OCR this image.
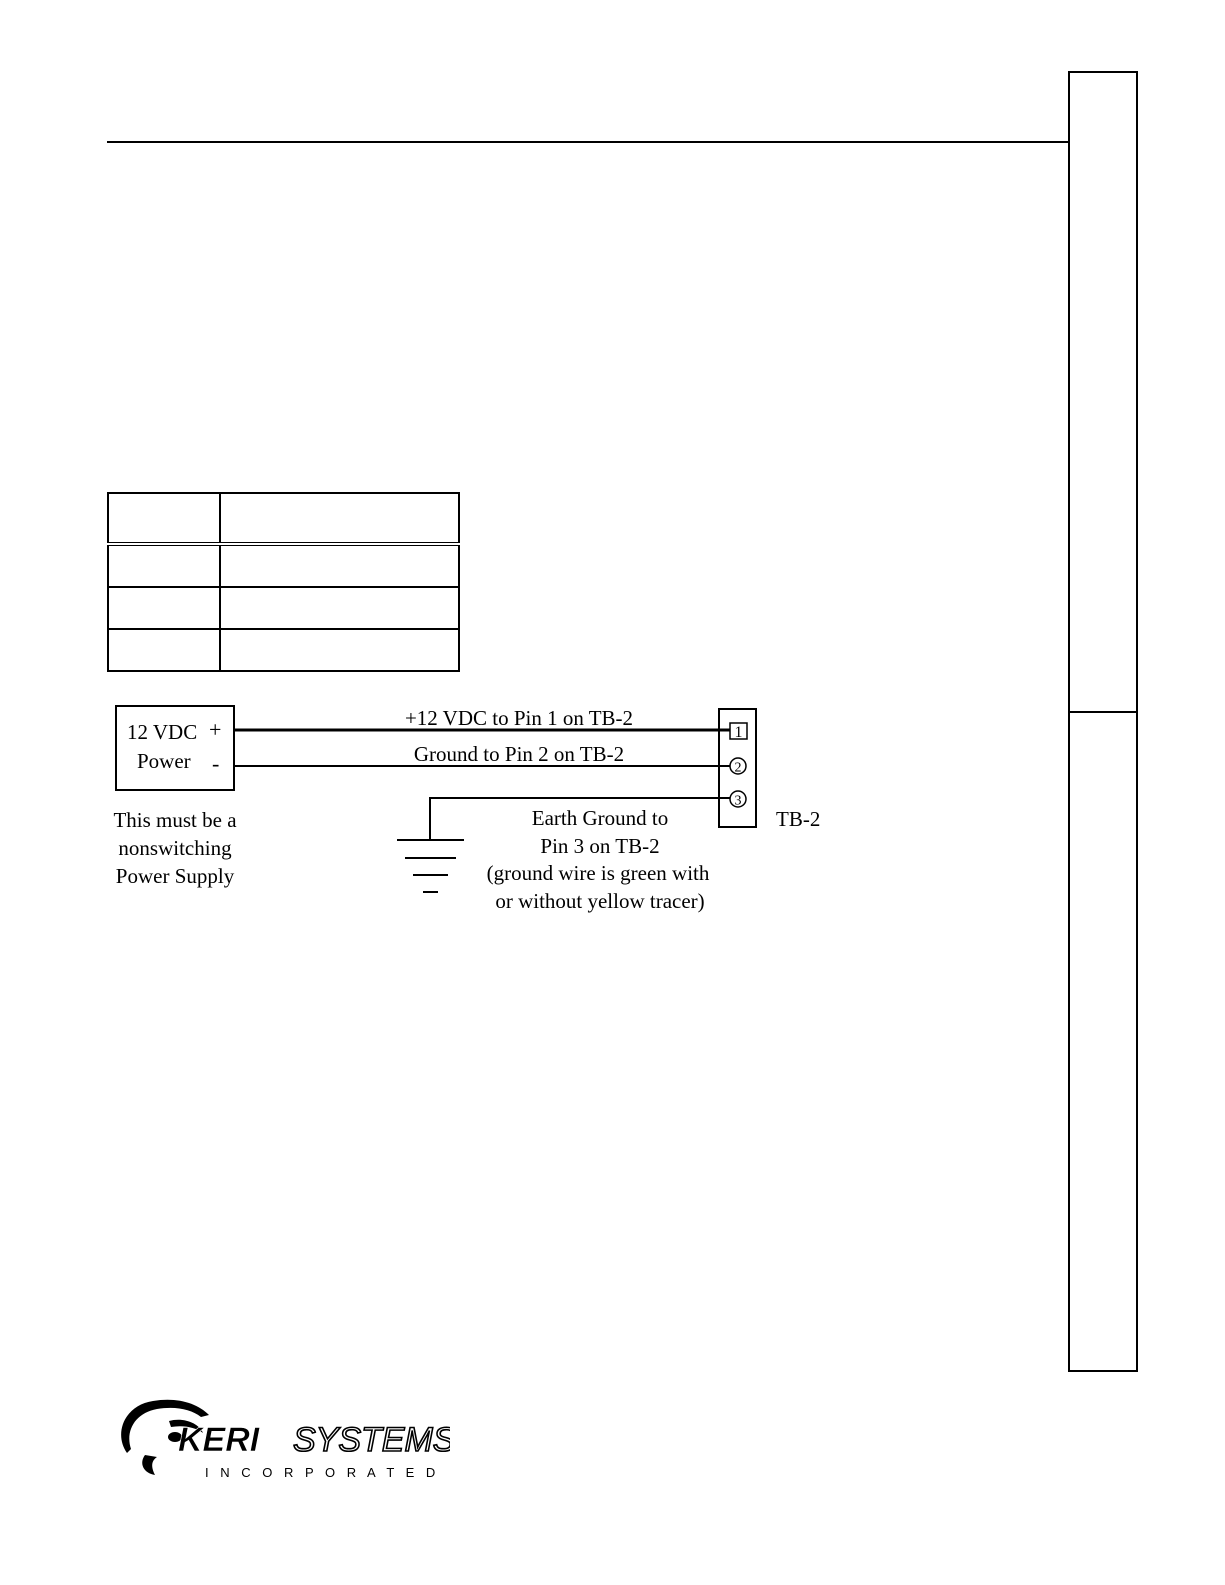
12 VDC +
Power -
This must be a
nonswitching
Power Supply
+12 VDC to Pin 1 on TB-2
Ground to Pin 2 on TB-2
Earth Ground to
Pin 3 on TB-2
(ground wire is green with
or without yellow tracer)
1
2
3
TB-2
KERI SYSTEMS
I N C O R P O R A T E D
